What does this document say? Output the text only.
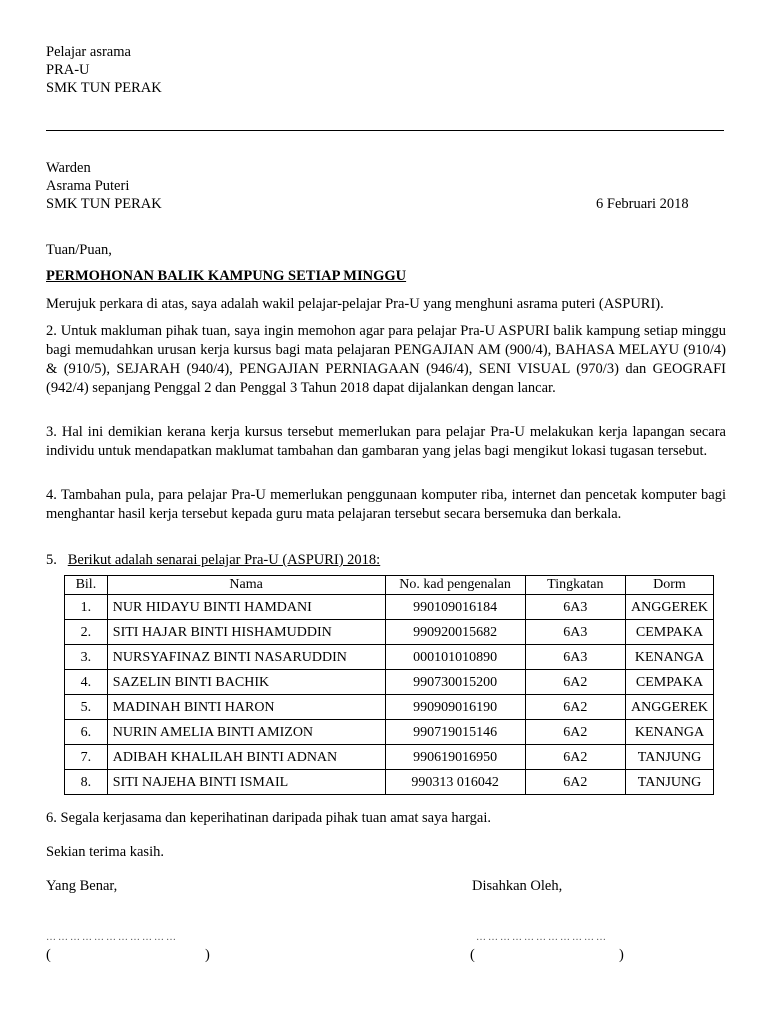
Pelajar asrama
PRA-U
SMK TUN PERAK
Warden
Asrama Puteri
SMK TUN PERAK	6 Februari 2018
Tuan/Puan,
PERMOHONAN BALIK KAMPUNG SETIAP MINGGU
Merujuk perkara di atas, saya adalah wakil pelajar-pelajar Pra-U yang menghuni asrama puteri (ASPURI).
2. Untuk makluman pihak tuan, saya ingin memohon agar para pelajar Pra-U ASPURI balik kampung setiap minggu bagi memudahkan urusan kerja kursus bagi mata pelajaran PENGAJIAN AM (900/4), BAHASA MELAYU (910/4) & (910/5), SEJARAH (940/4), PENGAJIAN PERNIAGAAN (946/4), SENI VISUAL (970/3) dan GEOGRAFI (942/4) sepanjang Penggal 2 dan Penggal 3 Tahun 2018 dapat dijalankan dengan lancar.
3. Hal ini demikian kerana kerja kursus tersebut memerlukan para pelajar Pra-U melakukan kerja lapangan secara individu untuk mendapatkan maklumat tambahan dan gambaran yang jelas bagi mengikut lokasi tugasan tersebut.
4. Tambahan pula, para pelajar Pra-U memerlukan penggunaan komputer riba, internet dan pencetak komputer bagi menghantar hasil kerja tersebut kepada guru mata pelajaran tersebut secara bersemuka dan berkala.
5. Berikut adalah senarai pelajar Pra-U (ASPURI) 2018:
Bil.	Nama	No. kad pengenalan	Tingkatan	Dorm
1.	NUR HIDAYU BINTI HAMDANI	990109016184	6A3	ANGGEREK
2.	SITI HAJAR BINTI HISHAMUDDIN	990920015682	6A3	CEMPAKA
3.	NURSYAFINAZ BINTI NASARUDDIN	000101010890	6A3	KENANGA
4.	SAZELIN BINTI BACHIK	990730015200	6A2	CEMPAKA
5.	MADINAH BINTI HARON	990909016190	6A2	ANGGEREK
6.	NURIN AMELIA BINTI AMIZON	990719015146	6A2	KENANGA
7.	ADIBAH KHALILAH BINTI ADNAN	990619016950	6A2	TANJUNG
8.	SITI NAJEHA BINTI ISMAIL	990313 016042	6A2	TANJUNG
6. Segala kerjasama dan keperihatinan daripada pihak tuan amat saya hargai.
Sekian terima kasih.
Yang Benar,	Disahkan Oleh,
……………………………	……………………………
(	)	(	)
